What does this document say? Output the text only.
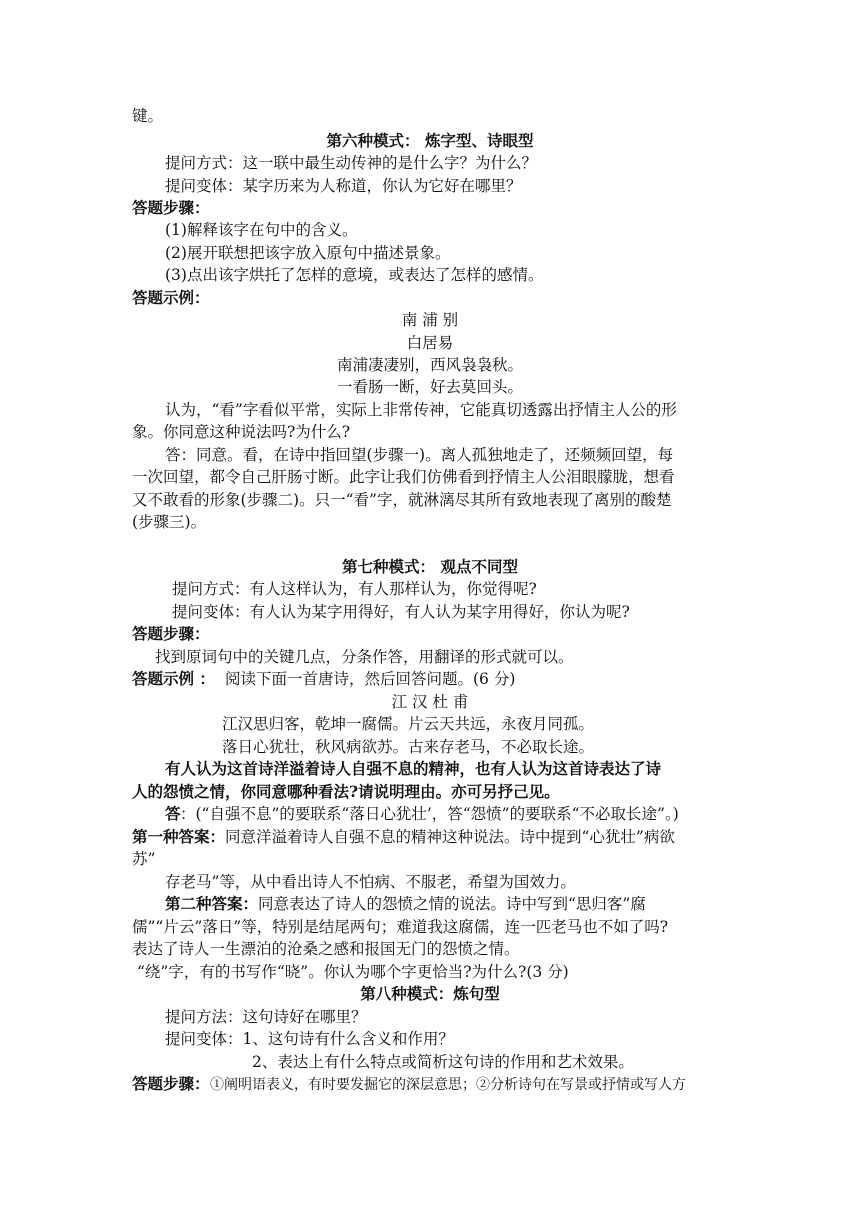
键。
第六种模式： 炼字型、诗眼型
提问方式：这一联中最生动传神的是什么字？为什么？
提问变体：某字历来为人称道，你认为它好在哪里？
答题步骤：
(1)解释该字在句中的含义。
(2)展开联想把该字放入原句中描述景象。
(3)点出该字烘托了怎样的意境，或表达了怎样的感情。
答题示例：
南 浦 别
白居易
南浦凄凄别，西风袅袅秋。
一看肠一断，好去莫回头。
认为，“看”字看似平常，实际上非常传神，它能真切透露出抒情主人公的形
象。你同意这种说法吗?为什么?
答：同意。看，在诗中指回望(步骤一)。离人孤独地走了，还频频回望，每
一次回望，都令自己肝肠寸断。此字让我们仿佛看到抒情主人公泪眼朦胧，想看
又不敢看的形象(步骤二)。只一“看”字，就淋漓尽其所有致地表现了离别的酸楚
(步骤三)。
第七种模式： 观点不同型
提问方式：有人这样认为，有人那样认为，你觉得呢?
提问变体：有人认为某字用得好，有人认为某字用得好，你认为呢?
答题步骤：
找到原词句中的关键几点，分条作答，用翻译的形式就可以。
答题示例 ： 阅读下面一首唐诗，然后回答问题。(6 分)
江 汉 杜 甫
江汉思归客，乾坤一腐儒。片云天共远，永夜月同孤。
落日心犹壮，秋风病欲苏。古来存老马，不必取长途。
有人认为这首诗洋溢着诗人自强不息的精神，也有人认为这首诗表达了诗
人的怨愤之情，你同意哪种看法?请说明理由。亦可另抒己见。
答 ：(“自强不息”的要联系“落日心犹壮’，答“怨愤”的要联系“不必取长途”。)
第一种答案： 同意洋溢着诗人自强不息的精神这种说法。诗中提到“心犹壮”病欲
苏”
存老马”等，从中看出诗人不怕病、不服老，希望为国效力。
第二种答案： 同意表达了诗人的怨愤之情的说法。诗中写到“思归客”腐
儒”“片云”落日”等，特别是结尾两句；难道我这腐儒，连一匹老马也不如了吗?
表达了诗人一生漂泊的沧桑之感和报国无门的怨愤之情。
“绕”字，有的书写作“晓”。你认为哪个字更恰当?为什么?(3 分)
第八种模式：炼句型
提问方法：这句诗好在哪里？
提问变体：1、这句诗有什么含义和作用？
2、表达上有什么特点或简析这句诗的作用和艺术效果。
答题步骤： ①阐明语表义，有时要发掘它的深层意思；②分析诗句在写景或抒情或写人方
